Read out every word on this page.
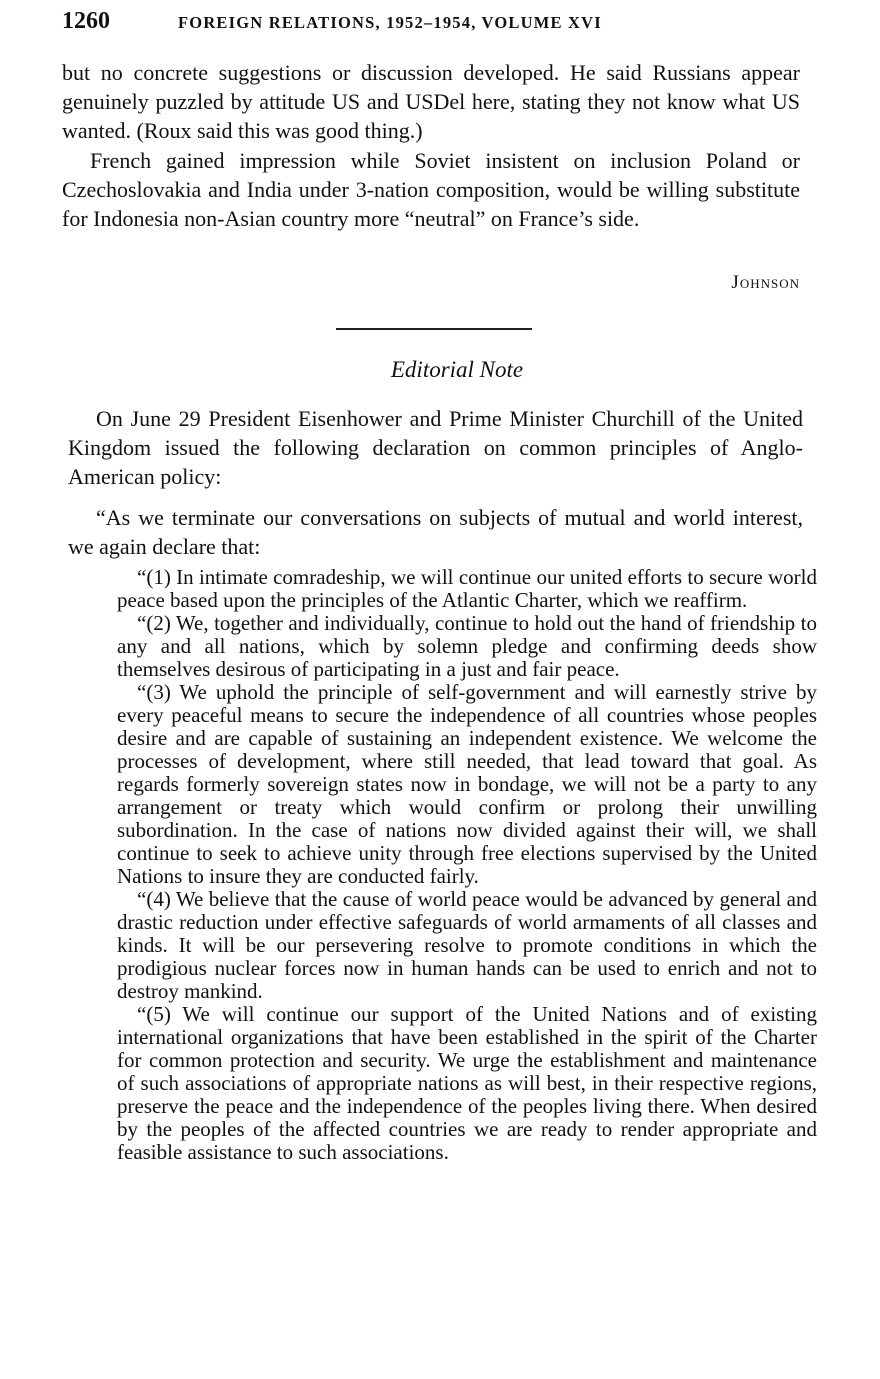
1260	FOREIGN RELATIONS, 1952–1954, VOLUME XVI

but no concrete suggestions or discussion developed. He said Russians appear genuinely puzzled by attitude US and USDel here, stating they not know what US wanted. (Roux said this was good thing.)

French gained impression while Soviet insistent on inclusion Poland or Czechoslovakia and India under 3-nation composition, would be willing substitute for Indonesia non-Asian country more “neutral” on France’s side.

Johnson
Editorial Note

On June 29 President Eisenhower and Prime Minister Churchill of the United Kingdom issued the following declaration on common principles of Anglo-American policy:

“As we terminate our conversations on subjects of mutual and world interest, we again declare that:

“(1) In intimate comradeship, we will continue our united efforts to secure world peace based upon the principles of the Atlantic Charter, which we reaffirm.

“(2) We, together and individually, continue to hold out the hand of friendship to any and all nations, which by solemn pledge and confirming deeds show themselves desirous of participating in a just and fair peace.

“(3) We uphold the principle of self-government and will earnestly strive by every peaceful means to secure the independence of all countries whose peoples desire and are capable of sustaining an independent existence. We welcome the processes of development, where still needed, that lead toward that goal. As regards formerly sovereign states now in bondage, we will not be a party to any arrangement or treaty which would confirm or prolong their unwilling subordination. In the case of nations now divided against their will, we shall continue to seek to achieve unity through free elections supervised by the United Nations to insure they are conducted fairly.

“(4) We believe that the cause of world peace would be advanced by general and drastic reduction under effective safeguards of world armaments of all classes and kinds. It will be our persevering resolve to promote conditions in which the prodigious nuclear forces now in human hands can be used to enrich and not to destroy mankind.

“(5) We will continue our support of the United Nations and of existing international organizations that have been established in the spirit of the Charter for common protection and security. We urge the establishment and maintenance of such associations of appropriate nations as will best, in their respective regions, preserve the peace and the independence of the peoples living there. When desired by the peoples of the affected countries we are ready to render appropriate and feasible assistance to such associations.
